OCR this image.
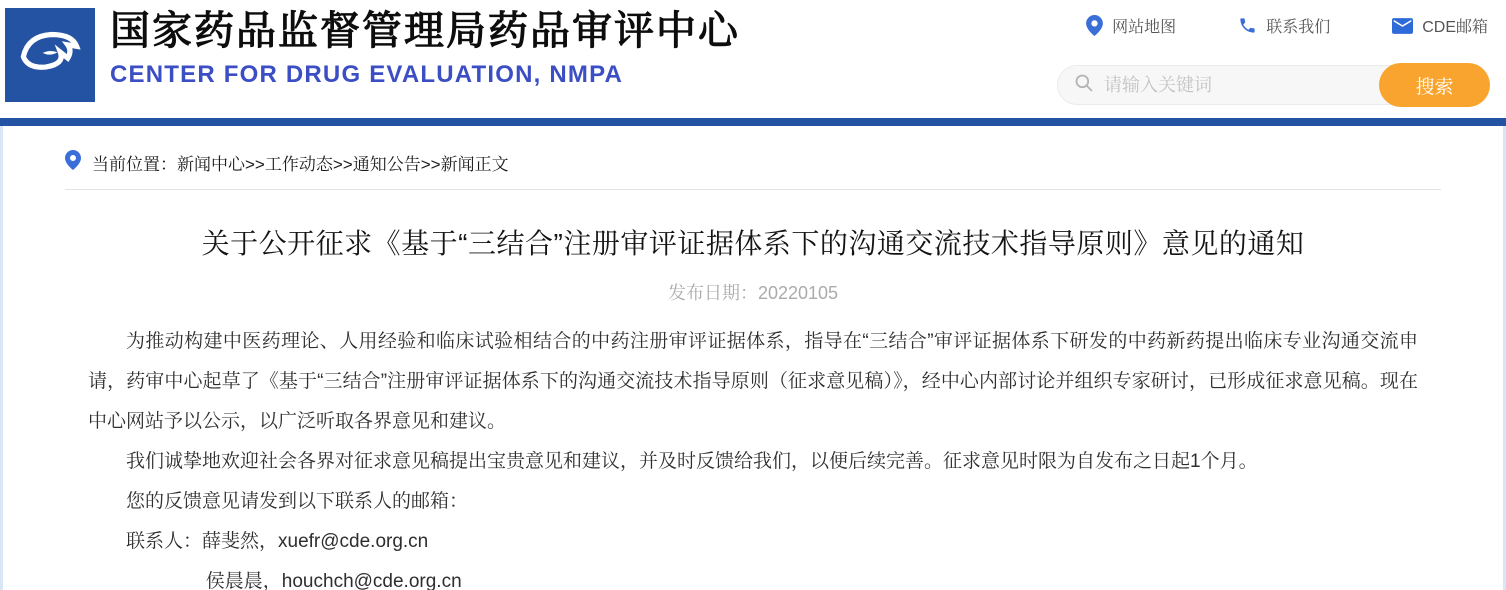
国家药品监督管理局药品审评中心
CENTER FOR DRUG EVALUATION, NMPA
网站地图	联系我们	CDE邮箱
请输入关键词
搜索
当前位置：新闻中心>>工作动态>>通知公告>>新闻正文
关于公开征求《基于“三结合”注册审评证据体系下的沟通交流技术指导原则》意见的通知
发布日期：20220105

为推动构建中医药理论、人用经验和临床试验相结合的中药注册审评证据体系，指导在“三结合”审评证据体系下研发的中药新药提出临床专业沟通交流申请，药审中心起草了《基于“三结合”注册审评证据体系下的沟通交流技术指导原则（征求意见稿）》，经中心内部讨论并组织专家研讨，已形成征求意见稿。现在中心网站予以公示，以广泛听取各界意见和建议。

我们诚挚地欢迎社会各界对征求意见稿提出宝贵意见和建议，并及时反馈给我们，以便后续完善。征求意见时限为自发布之日起1个月。

您的反馈意见请发到以下联系人的邮箱：

联系人：薛斐然，xuefr@cde.org.cn

侯晨晨，houchch@cde.org.cn
